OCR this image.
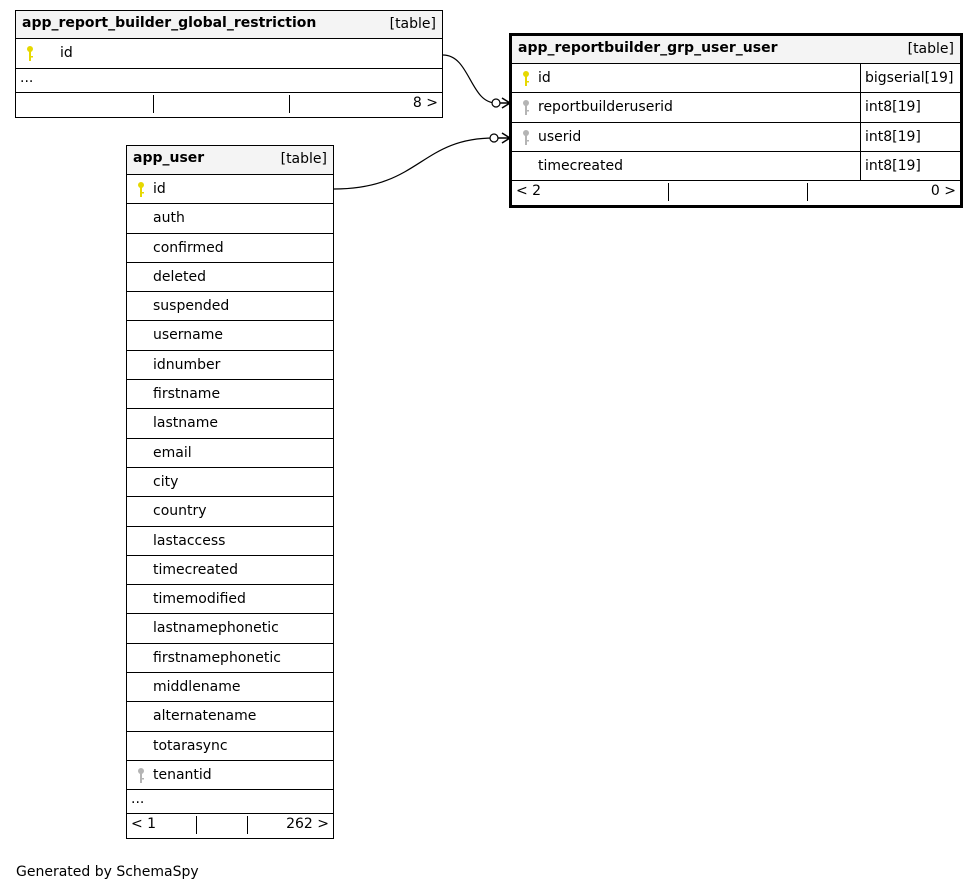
app_report_builder_global_restriction	[table]
id
...
8 >
app_reportbuilder_grp_user_user	[table]
id	bigserial[19]
reportbuilderuserid	int8[19]
userid	int8[19]
timecreated	int8[19]
< 2	0 >
app_user	[table]
id
auth
confirmed
deleted
suspended
username
idnumber
firstname
lastname
email
city
country
lastaccess
timecreated
timemodified
lastnamephonetic
firstnamephonetic
middlename
alternatename
totarasync
tenantid
...
< 1	262 >
Generated by SchemaSpy
